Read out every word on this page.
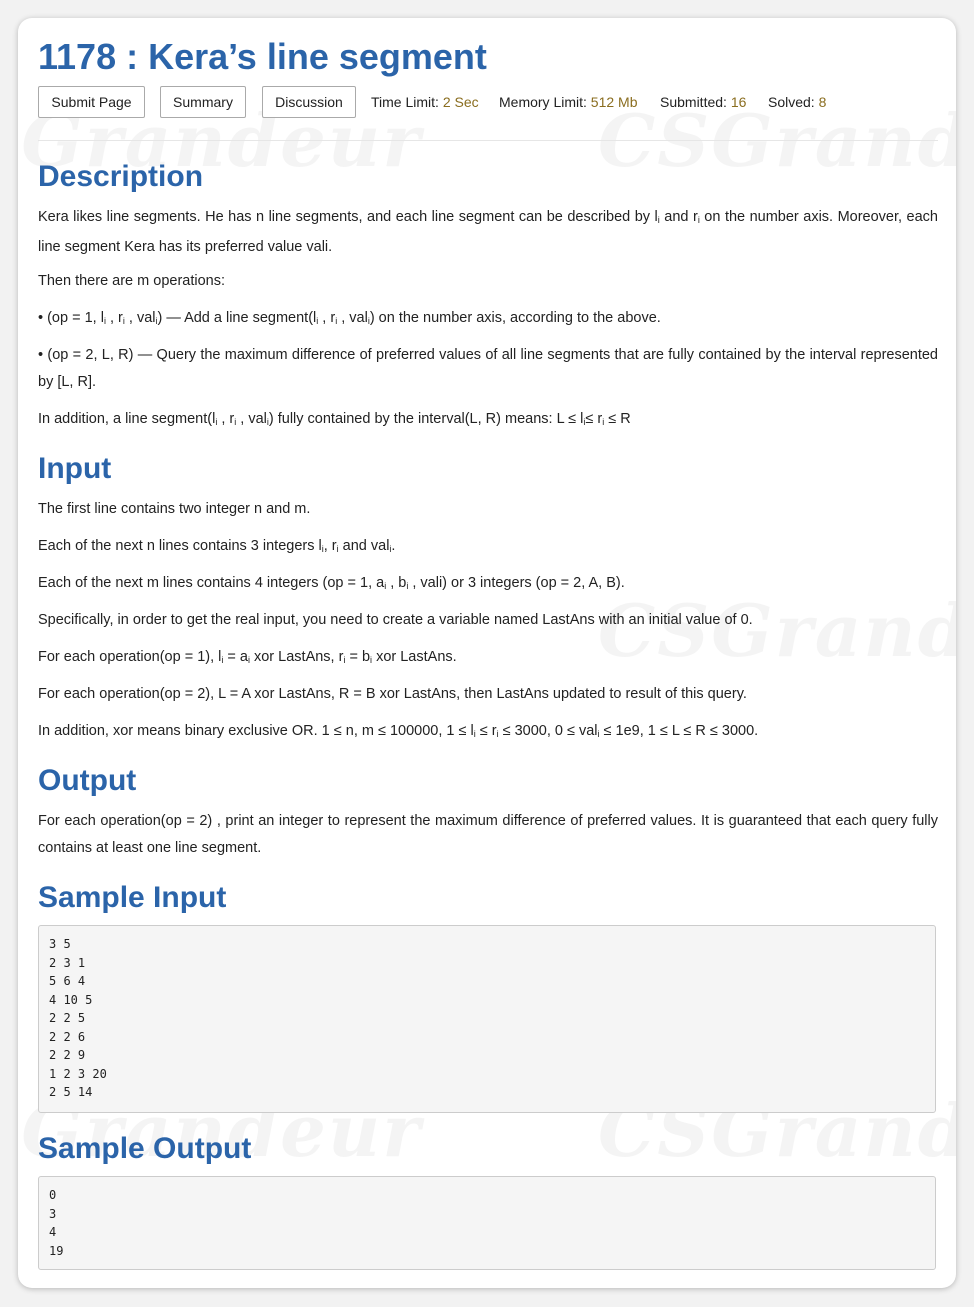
1178 : Kera’s line segment
Submit Page	Summary	Discussion	Time Limit: 2 Sec Memory Limit: 512 Mb Submitted: 16 Solved: 8
Description

Kera likes line segments. He has n line segments, and each line segment can be described by $l_i$ and $r_i$ on the number axis. Moreover, each line segment Kera has its preferred value vali.

Then there are m operations:

• (op = 1, $l_i$ , $r_i$ , val$_i$) — Add a line $segment(l_i$ , $r_i$ , val$_i$) on the number axis, according to the above.

• (op = 2, L, R) — Query the maximum difference of preferred values of all line segments that are fully contained by the interval represented by [L, R].

In addition, a line $segment(l_i$ , $r_i$ , val$_i$) fully contained by the interval(L, R) means: $L \le l_i\le r_i \le R$

Input

The first line contains two integer n and m.

Each of the next n lines contains 3 integers $l_i$, $r_i$ and val$_i$.

Each of the next m lines contains 4 integers (op = 1, $a_i$ , $b_i$ , vali) or 3 integers (op = 2, A, B).

Specifically, in order to get the real input, you need to create a variable named LastAns with an initial value of 0.

For each operation(op = 1), $l_i = a_i$ xor LastAns, $r_i = b_i$ xor LastAns.

For each operation(op = 2), L = A xor LastAns, R = B xor LastAns, then LastAns updated to result of this query.

In addition, xor means binary exclusive OR. 1 ≤ n, m ≤ 100000, $1 \le l_i \le r_i \le 3000$, 0 ≤ val$_i$ ≤ 1e9, 1 ≤ L ≤ R ≤ 3000.

Output

For each operation(op = 2) , print an integer to represent the maximum difference of preferred values. It is guaranteed that each query fully contains at least one line segment.

Sample Input
3 5
2 3 1
5 6 4
4 10 5
2 2 5
2 2 6
2 2 9
1 2 3 20
2 5 14
Sample Output
0
3
4
19
